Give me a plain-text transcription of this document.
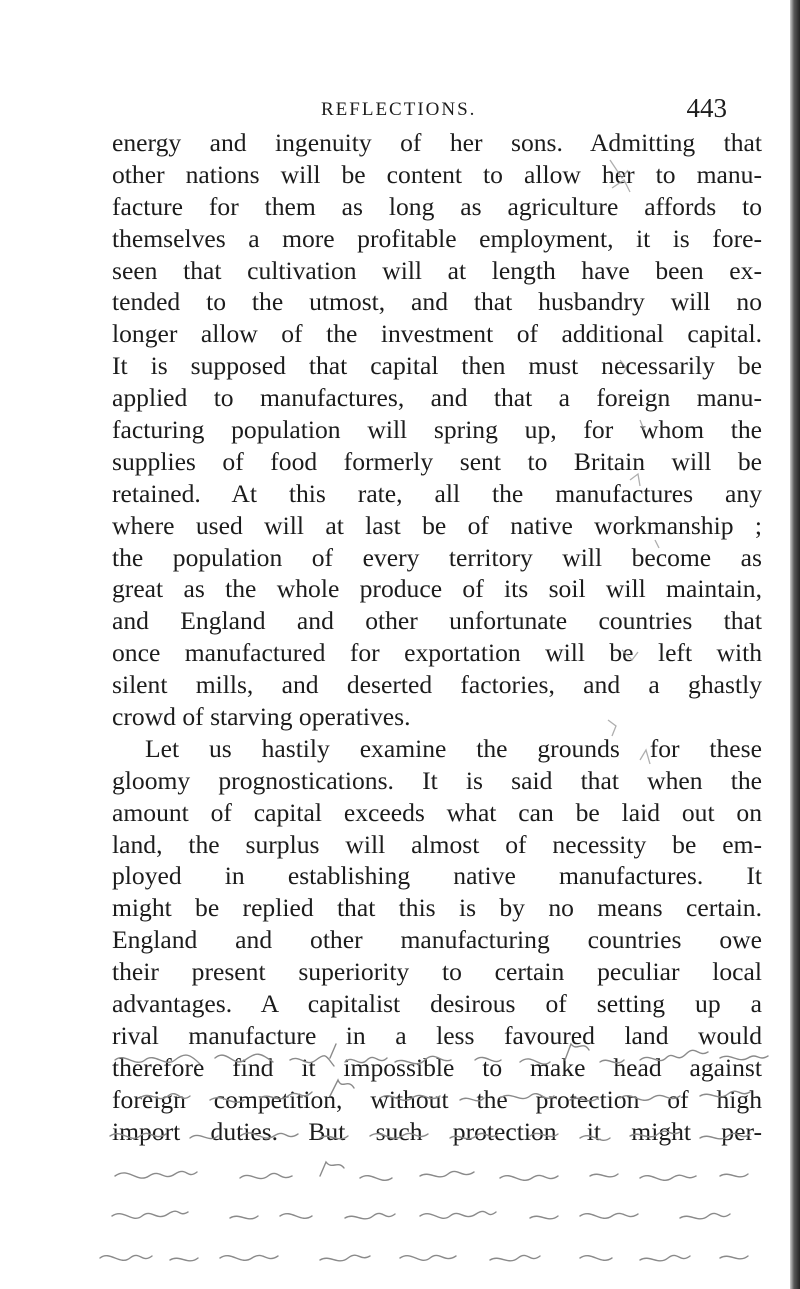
REFLECTIONS.	443
energy and ingenuity of her sons. Admitting that
other nations will be content to allow her to manu-
facture for them as long as agriculture affords to
themselves a more profitable employment, it is fore-
seen that cultivation will at length have been ex-
tended to the utmost, and that husbandry will no
longer allow of the investment of additional capital.
It is supposed that capital then must necessarily be
applied to manufactures, and that a foreign manu-
facturing population will spring up, for whom the
supplies of food formerly sent to Britain will be
retained. At this rate, all the manufactures any
where used will at last be of native workmanship ;
the population of every territory will become as
great as the whole produce of its soil will maintain,
and England and other unfortunate countries that
once manufactured for exportation will be left with
silent mills, and deserted factories, and a ghastly
crowd of starving operatives.
Let us hastily examine the grounds for these
gloomy prognostications. It is said that when the
amount of capital exceeds what can be laid out on
land, the surplus will almost of necessity be em-
ployed in establishing native manufactures. It
might be replied that this is by no means certain.
England and other manufacturing countries owe
their present superiority to certain peculiar local
advantages. A capitalist desirous of setting up a
rival manufacture in a less favoured land would
therefore find it impossible to make head against
foreign competition, without the protection of high
import duties. But such protection it might per-
